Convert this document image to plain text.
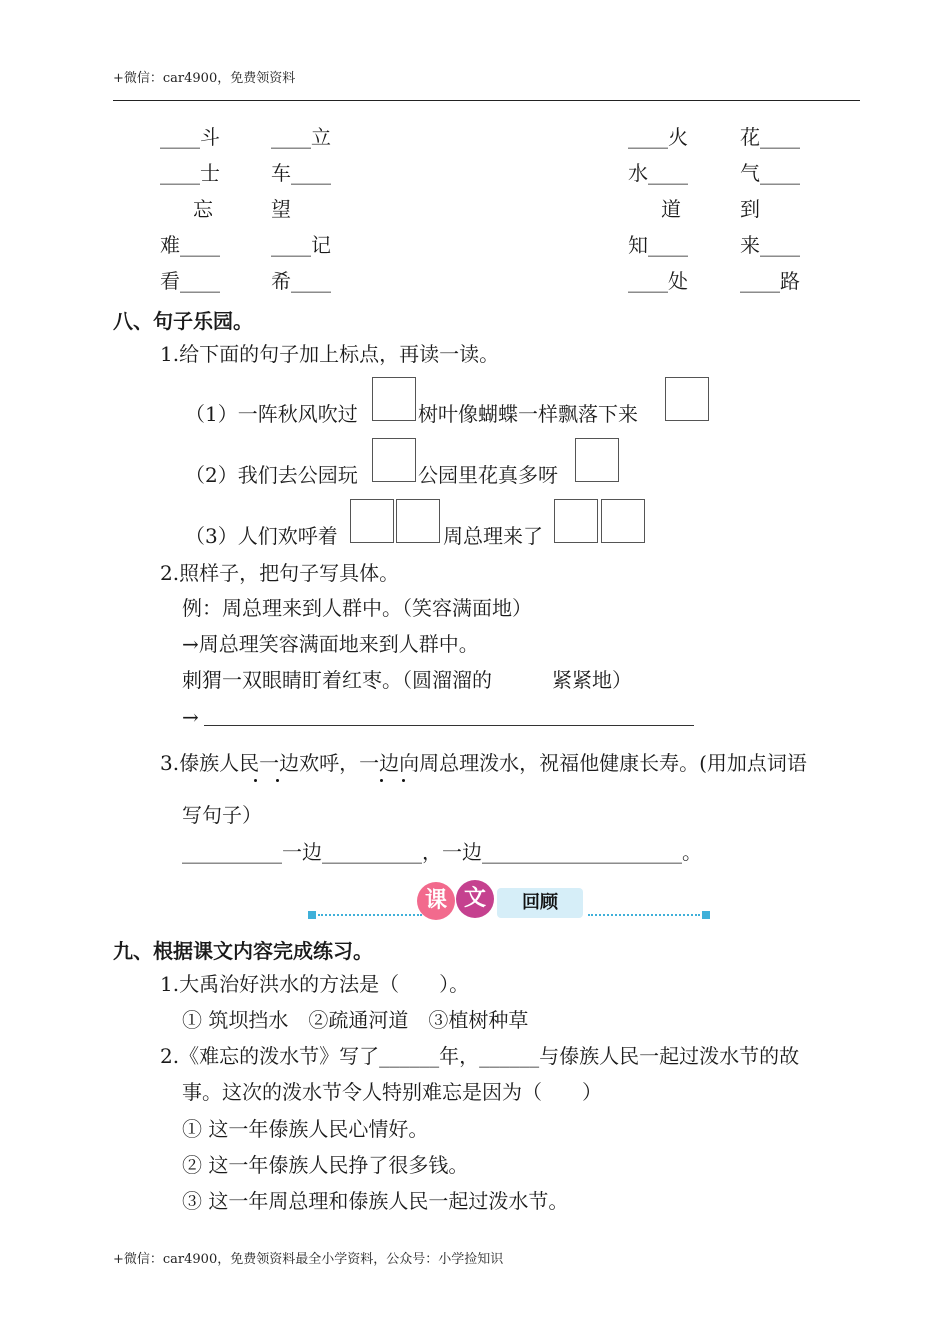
+微信：car4900，免费领资料
____斗	____立	____火	花____
____士	车____	水____	气____
忘	望	道	到
难____	____记	知____	来____
看____	希____	____处	____路
八、句子乐园。
1.给下面的句子加上标点，再读一读。
（1）一阵秋风吹过	树叶像蝴蝶一样飘落下来
（2）我们去公园玩	公园里花真多呀
（3）人们欢呼着	周总理来了
2.照样子，把句子写具体。
例：周总理来到人群中。（笑容满面地）
→周总理笑容满面地来到人群中。
刺猬一双眼睛盯着红枣。（圆溜溜的　　　紧紧地）
→
3.傣族人民一边欢呼，一边向周总理泼水，祝福他健康长寿。(用加点词语
写句子）
__________一边__________，一边____________________。
课 文	回顾
九、根据课文内容完成练习。
1.大禹治好洪水的方法是（　　）。
① 筑坝挡水　②疏通河道　③植树种草
2.《难忘的泼水节》写了______年，______与傣族人民一起过泼水节的故
事。这次的泼水节令人特别难忘是因为（　　）
① 这一年傣族人民心情好。
② 这一年傣族人民挣了很多钱。
③ 这一年周总理和傣族人民一起过泼水节。
+微信：car4900，免费领资料最全小学资料，公众号：小学捡知识
